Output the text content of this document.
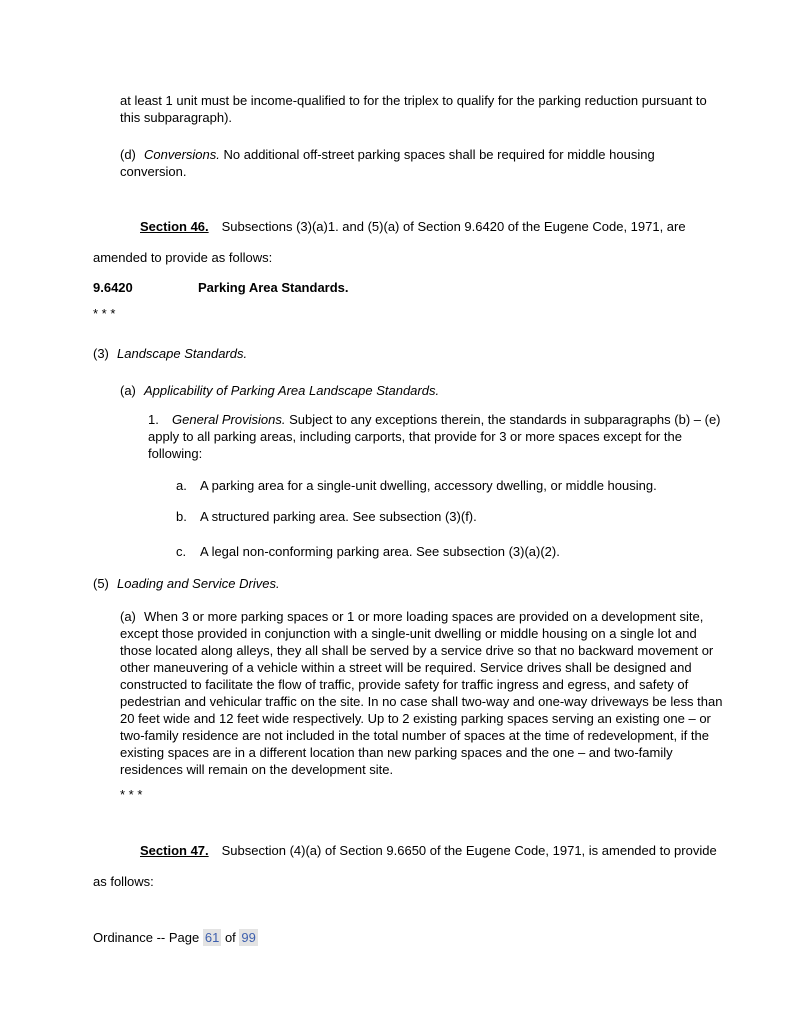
at least 1 unit must be income-qualified to for the triplex to qualify for the parking reduction pursuant to this subparagraph).

(d) Conversions. No additional off-street parking spaces shall be required for middle housing conversion.

Section 46. Subsections (3)(a)1. and (5)(a) of Section 9.6420 of the Eugene Code, 1971, are amended to provide as follows:

9.6420	Parking Area Standards.

* * *

(3) Landscape Standards.

(a) Applicability of Parking Area Landscape Standards.

1. General Provisions. Subject to any exceptions therein, the standards in subparagraphs (b) – (e) apply to all parking areas, including carports, that provide for 3 or more spaces except for the following:

a. A parking area for a single-unit dwelling, accessory dwelling, or middle housing.

b. A structured parking area. See subsection (3)(f).

c. A legal non-conforming parking area. See subsection (3)(a)(2).

(5) Loading and Service Drives.

(a) When 3 or more parking spaces or 1 or more loading spaces are provided on a development site, except those provided in conjunction with a single-unit dwelling or middle housing on a single lot and those located along alleys, they all shall be served by a service drive so that no backward movement or other maneuvering of a vehicle within a street will be required. Service drives shall be designed and constructed to facilitate the flow of traffic, provide safety for traffic ingress and egress, and safety of pedestrian and vehicular traffic on the site. In no case shall two-way and one-way driveways be less than 20 feet wide and 12 feet wide respectively. Up to 2 existing parking spaces serving an existing one – or two-family residence are not included in the total number of spaces at the time of redevelopment, if the existing spaces are in a different location than new parking spaces and the one – and two-family residences will remain on the development site.

* * *

Section 47. Subsection (4)(a) of Section 9.6650 of the Eugene Code, 1971, is amended to provide as follows:

Ordinance -- Page 61 of 99
